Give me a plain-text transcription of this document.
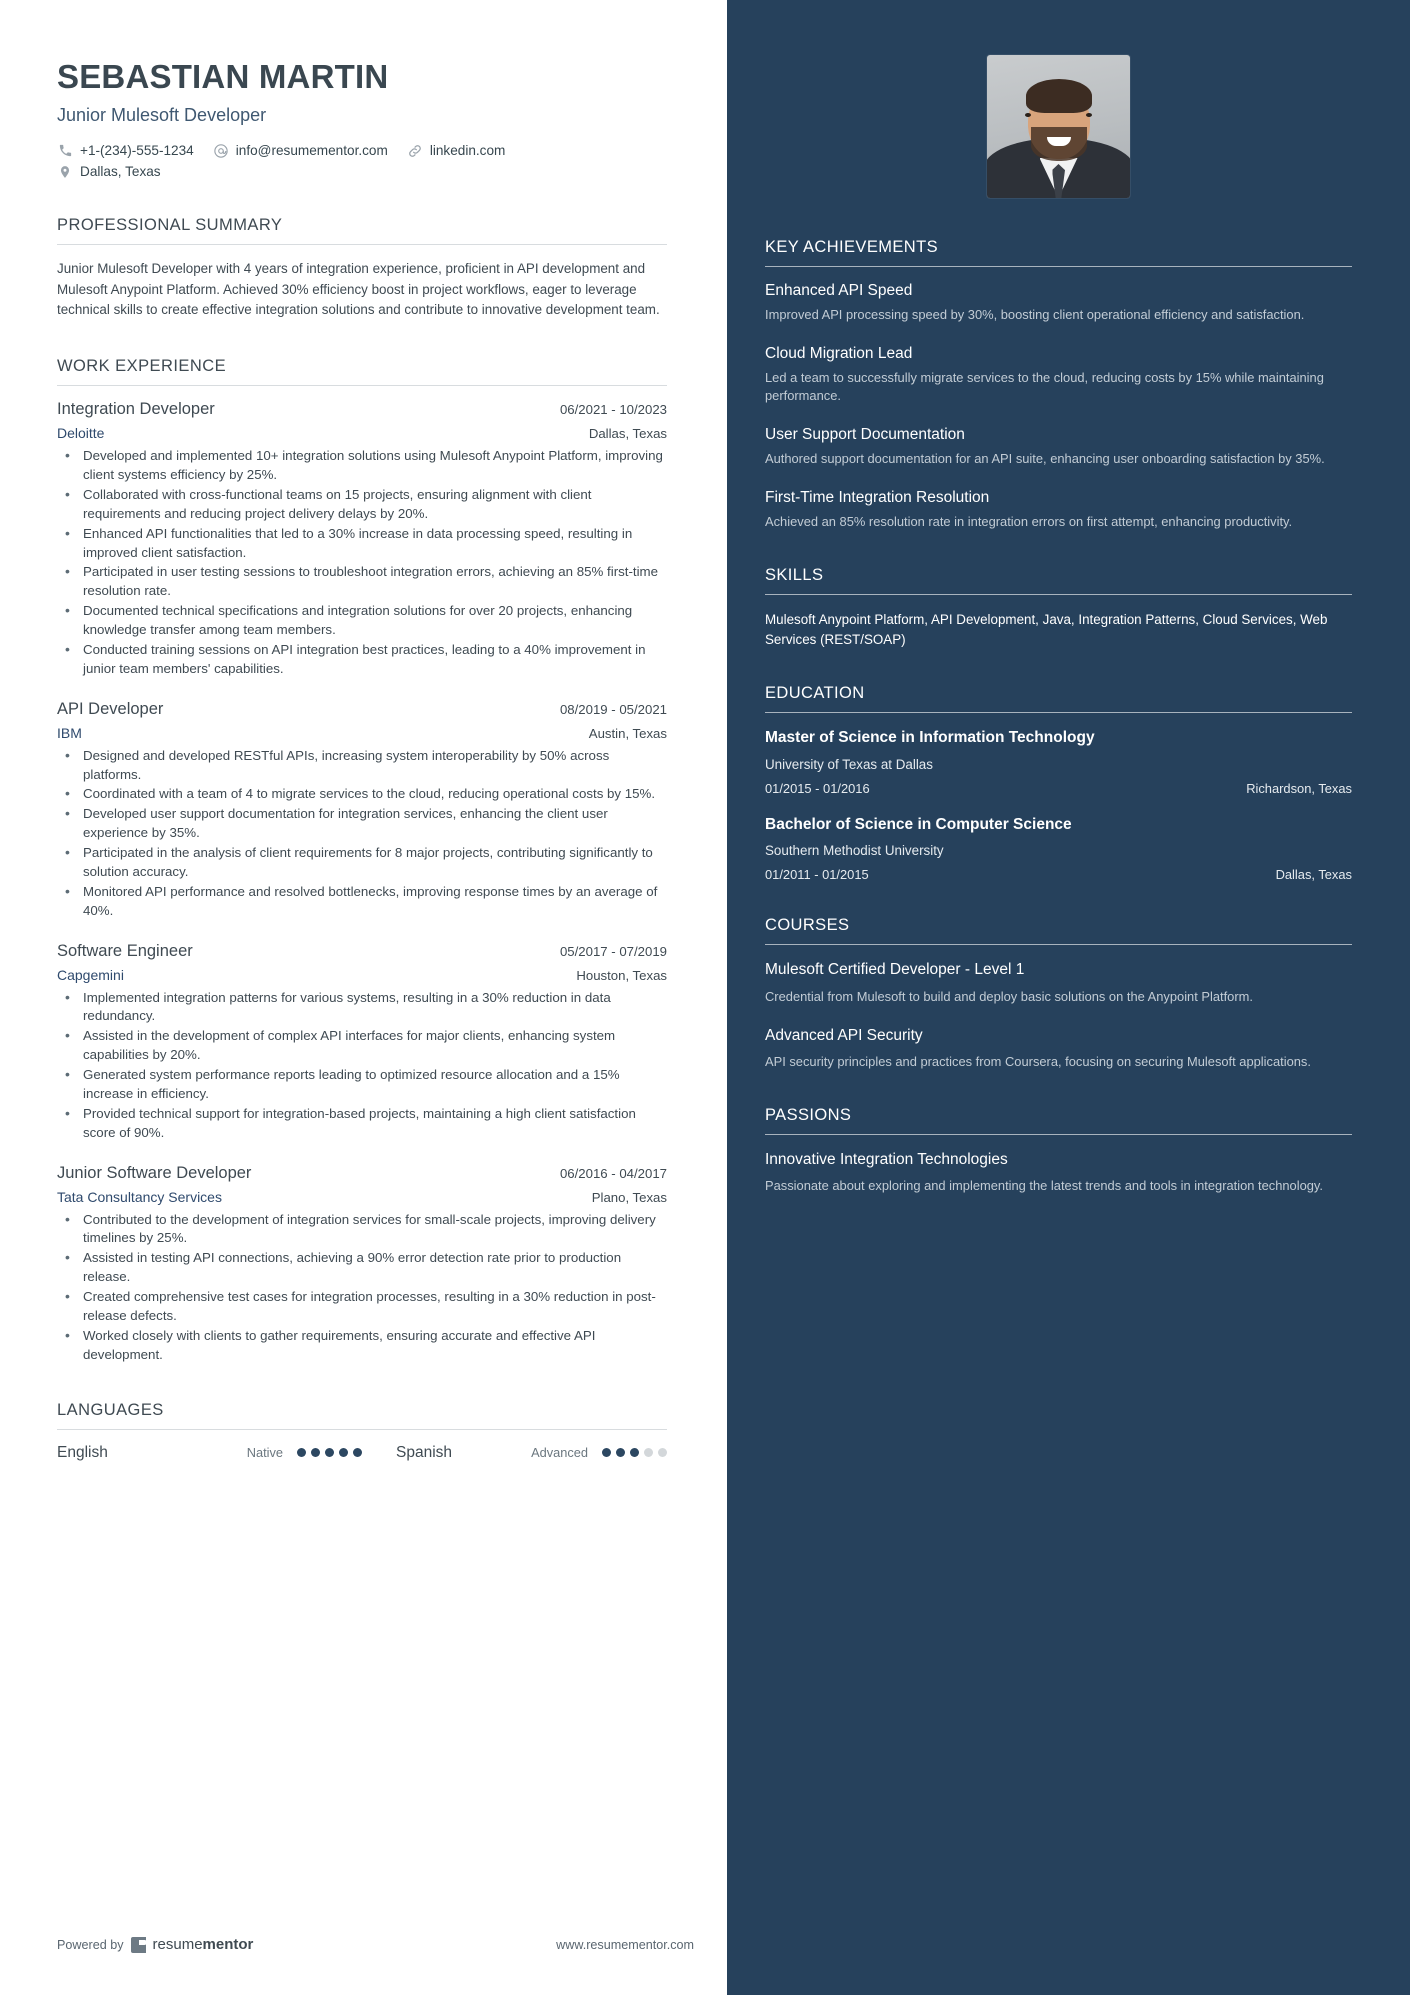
SEBASTIAN MARTIN
Junior Mulesoft Developer
+1-(234)-555-1234	info@resumementor.com	linkedin.com
Dallas, Texas
PROFESSIONAL SUMMARY
Junior Mulesoft Developer with 4 years of integration experience, proficient in API development and Mulesoft Anypoint Platform. Achieved 30% efficiency boost in project workflows, eager to leverage technical skills to create effective integration solutions and contribute to innovative development team.
WORK EXPERIENCE
Integration Developer	06/2021 - 10/2023
Deloitte	Dallas, Texas
• Developed and implemented 10+ integration solutions using Mulesoft Anypoint Platform, improving client systems efficiency by 25%.
• Collaborated with cross-functional teams on 15 projects, ensuring alignment with client requirements and reducing project delivery delays by 20%.
• Enhanced API functionalities that led to a 30% increase in data processing speed, resulting in improved client satisfaction.
• Participated in user testing sessions to troubleshoot integration errors, achieving an 85% first-time resolution rate.
• Documented technical specifications and integration solutions for over 20 projects, enhancing knowledge transfer among team members.
• Conducted training sessions on API integration best practices, leading to a 40% improvement in junior team members' capabilities.
API Developer	08/2019 - 05/2021
IBM	Austin, Texas
• Designed and developed RESTful APIs, increasing system interoperability by 50% across platforms.
• Coordinated with a team of 4 to migrate services to the cloud, reducing operational costs by 15%.
• Developed user support documentation for integration services, enhancing the client user experience by 35%.
• Participated in the analysis of client requirements for 8 major projects, contributing significantly to solution accuracy.
• Monitored API performance and resolved bottlenecks, improving response times by an average of 40%.
Software Engineer	05/2017 - 07/2019
Capgemini	Houston, Texas
• Implemented integration patterns for various systems, resulting in a 30% reduction in data redundancy.
• Assisted in the development of complex API interfaces for major clients, enhancing system capabilities by 20%.
• Generated system performance reports leading to optimized resource allocation and a 15% increase in efficiency.
• Provided technical support for integration-based projects, maintaining a high client satisfaction score of 90%.
Junior Software Developer	06/2016 - 04/2017
Tata Consultancy Services	Plano, Texas
• Contributed to the development of integration services for small-scale projects, improving delivery timelines by 25%.
• Assisted in testing API connections, achieving a 90% error detection rate prior to production release.
• Created comprehensive test cases for integration processes, resulting in a 30% reduction in post-release defects.
• Worked closely with clients to gather requirements, ensuring accurate and effective API development.
LANGUAGES
English	Native	Spanish	Advanced
Powered by resumementor	www.resumementor.com
KEY ACHIEVEMENTS
Enhanced API Speed
Improved API processing speed by 30%, boosting client operational efficiency and satisfaction.
Cloud Migration Lead
Led a team to successfully migrate services to the cloud, reducing costs by 15% while maintaining performance.
User Support Documentation
Authored support documentation for an API suite, enhancing user onboarding satisfaction by 35%.
First-Time Integration Resolution
Achieved an 85% resolution rate in integration errors on first attempt, enhancing productivity.
SKILLS
Mulesoft Anypoint Platform, API Development, Java, Integration Patterns, Cloud Services, Web Services (REST/SOAP)
EDUCATION
Master of Science in Information Technology
University of Texas at Dallas
01/2015 - 01/2016	Richardson, Texas
Bachelor of Science in Computer Science
Southern Methodist University
01/2011 - 01/2015	Dallas, Texas
COURSES
Mulesoft Certified Developer - Level 1
Credential from Mulesoft to build and deploy basic solutions on the Anypoint Platform.
Advanced API Security
API security principles and practices from Coursera, focusing on securing Mulesoft applications.
PASSIONS
Innovative Integration Technologies
Passionate about exploring and implementing the latest trends and tools in integration technology.
